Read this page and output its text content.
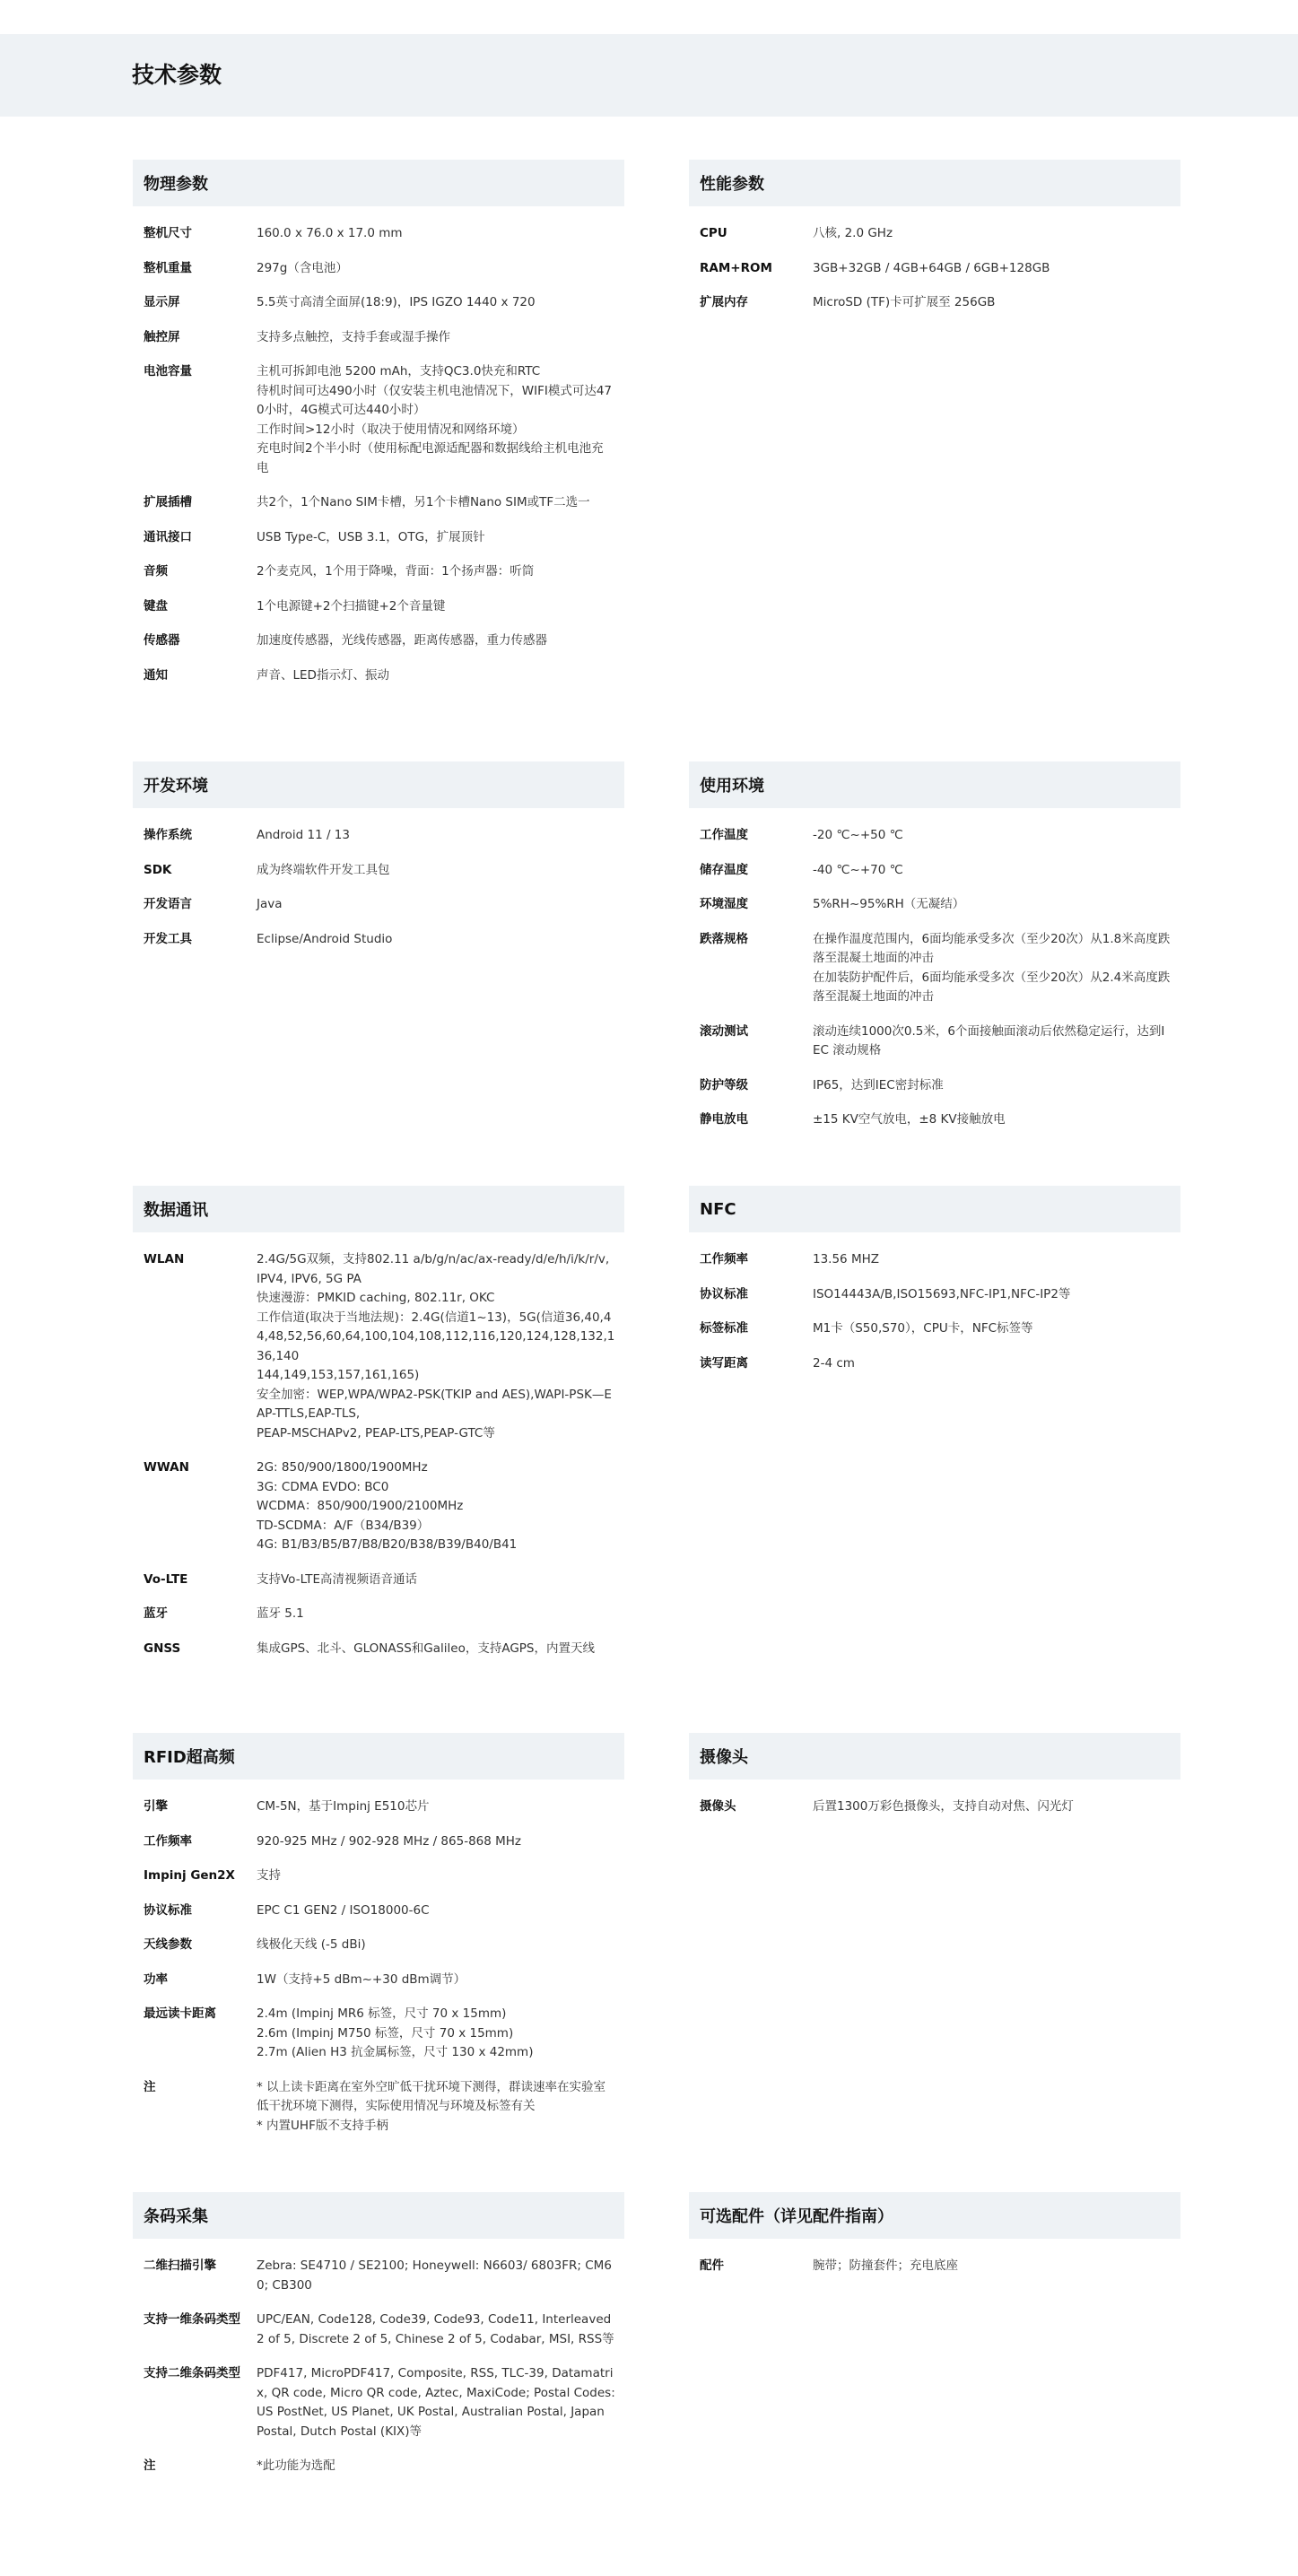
技术参数
物理参数
整机尺寸	160.0 x 76.0 x 17.0 mm
整机重量	297g（含电池）
显示屏	5.5英寸高清全面屏(18:9)，IPS IGZO 1440 x 720
触控屏	支持多点触控，支持手套或湿手操作
电池容量	主机可拆卸电池 5200 mAh，支持QC3.0快充和RTC
待机时间可达490小时（仅安装主机电池情况下，WIFI模式可达470小时，4G模式可达440小时）
工作时间>12小时（取决于使用情况和网络环境）
充电时间2个半小时（使用标配电源适配器和数据线给主机电池充电
扩展插槽	共2个，1个Nano SIM卡槽，另1个卡槽Nano SIM或TF二选一
通讯接口	USB Type-C，USB 3.1，OTG，扩展顶针
音频	2个麦克风，1个用于降噪，背面：1个扬声器：听筒
键盘	1个电源键+2个扫描键+2个音量键
传感器	加速度传感器，光线传感器，距离传感器，重力传感器
通知	声音、LED指示灯、振动
性能参数
CPU	八核, 2.0 GHz
RAM+ROM	3GB+32GB / 4GB+64GB / 6GB+128GB
扩展内存	MicroSD (TF)卡可扩展至 256GB
开发环境
操作系统	Android 11 / 13
SDK	成为终端软件开发工具包
开发语言	Java
开发工具	Eclipse/Android Studio
使用环境
工作温度	-20 ℃~+50 ℃
储存温度	-40 ℃~+70 ℃
环境湿度	5%RH~95%RH（无凝结）
跌落规格	在操作温度范围内，6面均能承受多次（至少20次）从1.8米高度跌落至混凝土地面的冲击
在加装防护配件后，6面均能承受多次（至少20次）从2.4米高度跌落至混凝土地面的冲击
滚动测试	滚动连续1000次0.5米，6个面接触面滚动后依然稳定运行，达到IEC 滚动规格
防护等级	IP65，达到IEC密封标准
静电放电	±15 KV空气放电，±8 KV接触放电
数据通讯
WLAN	2.4G/5G双频，支持802.11 a/b/g/n/ac/ax-ready/d/e/h/i/k/r/v, IPV4, IPV6, 5G PA
快速漫游：PMKID caching, 802.11r, OKC
工作信道(取决于当地法规)：2.4G(信道1~13)，5G(信道36,40,44,48,52,56,60,64,100,104,108,112,116,120,124,128,132,136,140
144,149,153,157,161,165)
安全加密：WEP,WPA/WPA2-PSK(TKIP and AES),WAPI-PSK—EAP-TTLS,EAP-TLS,
PEAP-MSCHAPv2, PEAP-LTS,PEAP-GTC等
WWAN	2G: 850/900/1800/1900MHz
3G: CDMA EVDO: BC0
WCDMA：850/900/1900/2100MHz
TD-SCDMA：A/F（B34/B39）
4G: B1/B3/B5/B7/B8/B20/B38/B39/B40/B41
Vo-LTE	支持Vo-LTE高清视频语音通话
蓝牙	蓝牙 5.1
GNSS	集成GPS、北斗、GLONASS和Galileo，支持AGPS，内置天线
NFC
工作频率	13.56 MHZ
协议标准	ISO14443A/B,ISO15693,NFC-IP1,NFC-IP2等
标签标准	M1卡（S50,S70），CPU卡，NFC标签等
读写距离	2-4 cm
RFID超高频
引擎	CM-5N，基于Impinj E510芯片
工作频率	920-925 MHz / 902-928 MHz / 865-868 MHz
Impinj Gen2X	支持
协议标准	EPC C1 GEN2 / ISO18000-6C
天线参数	线极化天线 (-5 dBi)
功率	1W（支持+5 dBm~+30 dBm调节）
最远读卡距离	2.4m (Impinj MR6 标签，尺寸 70 x 15mm)
2.6m (Impinj M750 标签，尺寸 70 x 15mm)
2.7m (Alien H3 抗金属标签，尺寸 130 x 42mm)
注	* 以上读卡距离在室外空旷低干扰环境下测得，群读速率在实验室低干扰环境下测得，实际使用情况与环境及标签有关
* 内置UHF版不支持手柄
摄像头
摄像头	后置1300万彩色摄像头，支持自动对焦、闪光灯
条码采集
二维扫描引擎	Zebra: SE4710 / SE2100; Honeywell: N6603/ 6803FR; CM60; CB300
支持一维条码类型	UPC/EAN, Code128, Code39, Code93, Code11, Interleaved 2 of 5, Discrete 2 of 5, Chinese 2 of 5, Codabar, MSI, RSS等
支持二维条码类型	PDF417, MicroPDF417, Composite, RSS, TLC-39, Datamatrix, QR code, Micro QR code, Aztec, MaxiCode; Postal Codes: US PostNet, US Planet, UK Postal, Australian Postal, Japan Postal, Dutch Postal (KIX)等
注	*此功能为选配
可选配件（详见配件指南）
配件	腕带；防撞套件；充电底座
